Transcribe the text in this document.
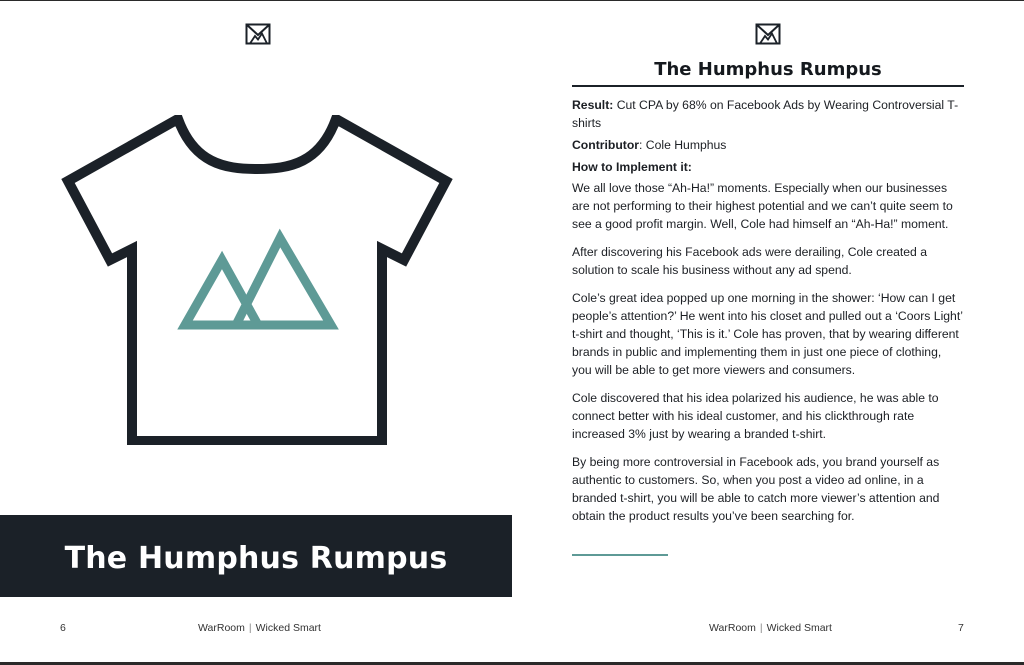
The Humphus Rumpus
6	WarRoom | Wicked Smart
The Humphus Rumpus

Result: Cut CPA by 68% on Facebook Ads by Wearing Controversial T-shirts

Contributor: Cole Humphus

How to Implement it:

We all love those “Ah-Ha!” moments. Especially when our businesses are not performing to their highest potential and we can’t quite seem to see a good profit margin. Well, Cole had himself an “Ah-Ha!” moment.

After discovering his Facebook ads were derailing, Cole created a solution to scale his business without any ad spend.

Cole’s great idea popped up one morning in the shower: ‘How can I get people’s attention?’ He went into his closet and pulled out a ‘Coors Light’ t-shirt and thought, ‘This is it.’ Cole has proven, that by wearing different brands in public and implementing them in just one piece of clothing, you will be able to get more viewers and consumers.

Cole discovered that his idea polarized his audience, he was able to connect better with his ideal customer, and his clickthrough rate increased 3% just by wearing a branded t-shirt.

By being more controversial in Facebook ads, you brand yourself as authentic to customers. So, when you post a video ad online, in a branded t-shirt, you will be able to catch more viewer’s attention and obtain the product results you’ve been searching for.

WarRoom | Wicked Smart	7
